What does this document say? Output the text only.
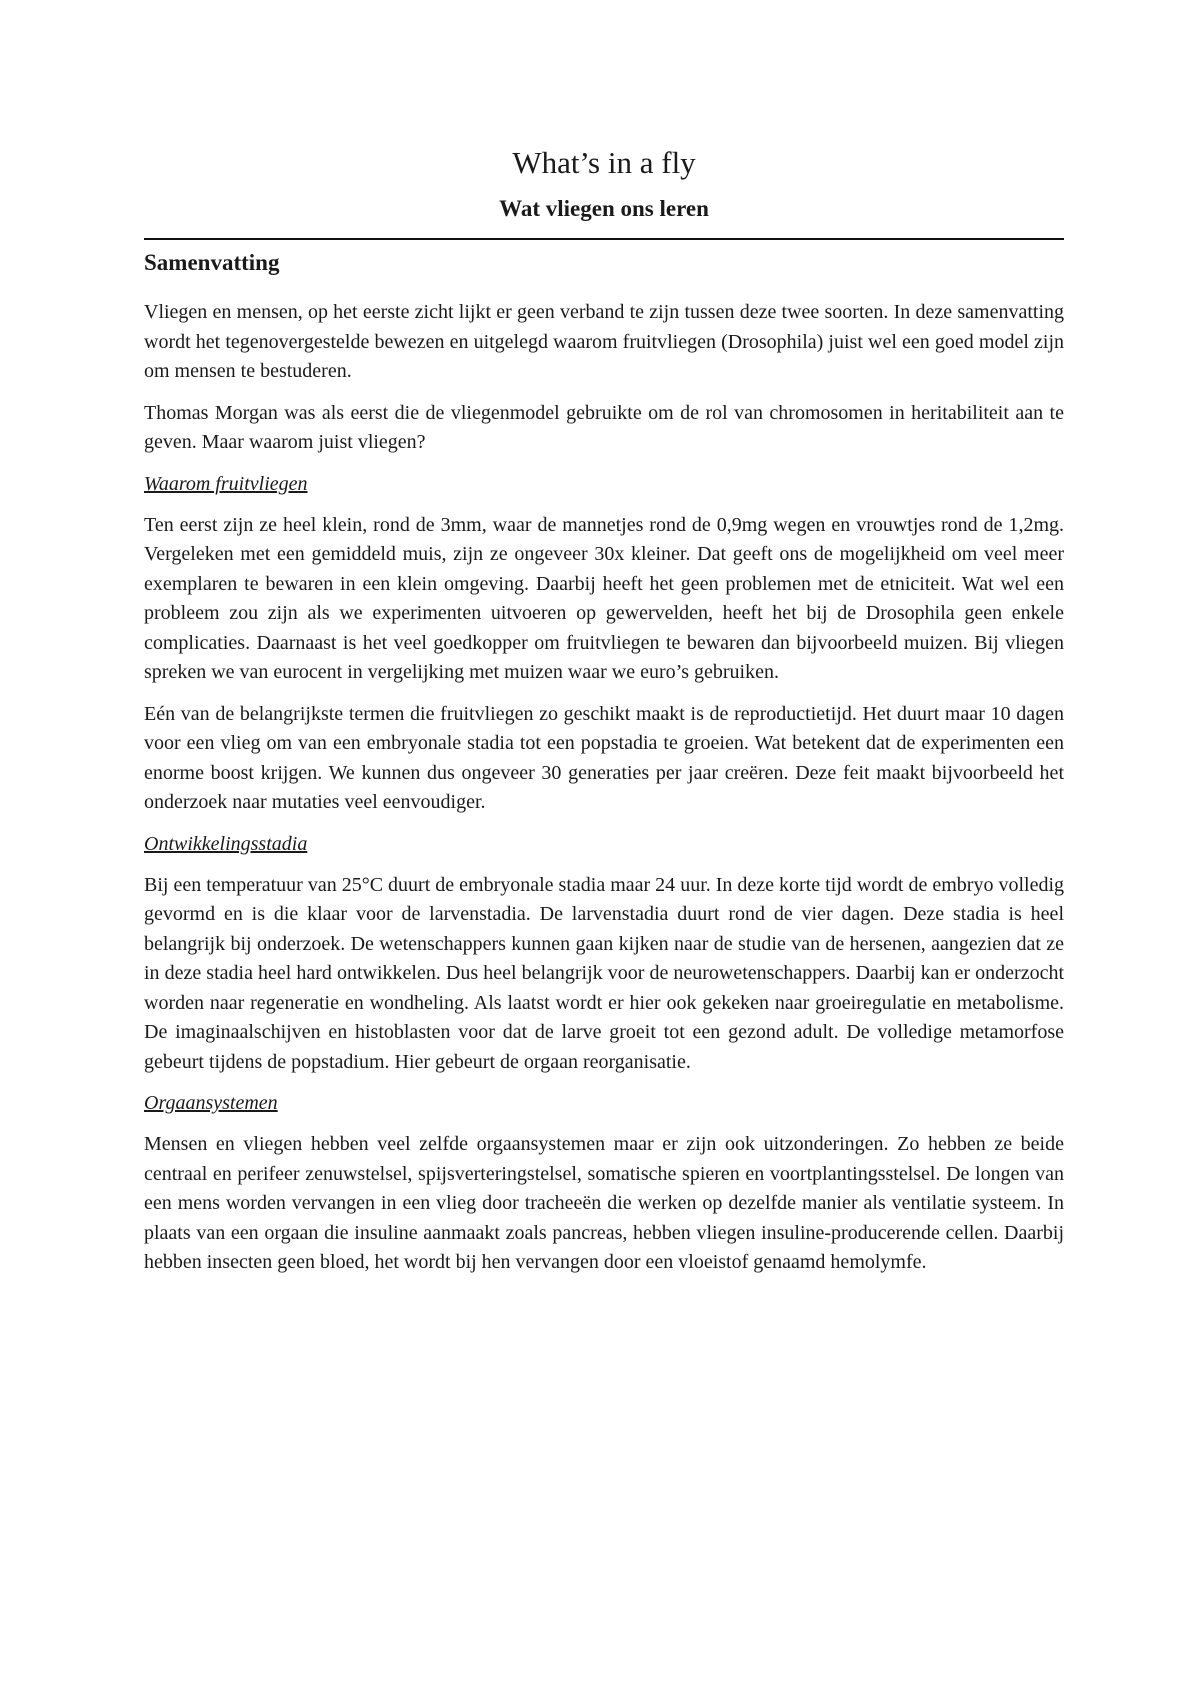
What’s in a fly
Wat vliegen ons leren
Samenvatting

Vliegen en mensen, op het eerste zicht lijkt er geen verband te zijn tussen deze twee soorten. In deze samenvatting wordt het tegenovergestelde bewezen en uitgelegd waarom fruitvliegen (Drosophila) juist wel een goed model zijn om mensen te bestuderen.

Thomas Morgan was als eerst die de vliegenmodel gebruikte om de rol van chromosomen in heritabiliteit aan te geven. Maar waarom juist vliegen?

Waarom fruitvliegen

Ten eerst zijn ze heel klein, rond de 3mm, waar de mannetjes rond de 0,9mg wegen en vrouwtjes rond de 1,2mg. Vergeleken met een gemiddeld muis, zijn ze ongeveer 30x kleiner. Dat geeft ons de mogelijkheid om veel meer exemplaren te bewaren in een klein omgeving. Daarbij heeft het geen problemen met de etniciteit. Wat wel een probleem zou zijn als we experimenten uitvoeren op gewervelden, heeft het bij de Drosophila geen enkele complicaties. Daarnaast is het veel goedkopper om fruitvliegen te bewaren dan bijvoorbeeld muizen. Bij vliegen spreken we van eurocent in vergelijking met muizen waar we euro’s gebruiken.

Eén van de belangrijkste termen die fruitvliegen zo geschikt maakt is de reproductietijd. Het duurt maar 10 dagen voor een vlieg om van een embryonale stadia tot een popstadia te groeien. Wat betekent dat de experimenten een enorme boost krijgen. We kunnen dus ongeveer 30 generaties per jaar creëren. Deze feit maakt bijvoorbeeld het onderzoek naar mutaties veel eenvoudiger.

Ontwikkelingsstadia

Bij een temperatuur van 25°C duurt de embryonale stadia maar 24 uur. In deze korte tijd wordt de embryo volledig gevormd en is die klaar voor de larvenstadia. De larvenstadia duurt rond de vier dagen. Deze stadia is heel belangrijk bij onderzoek. De wetenschappers kunnen gaan kijken naar de studie van de hersenen, aangezien dat ze in deze stadia heel hard ontwikkelen. Dus heel belangrijk voor de neurowetenschappers. Daarbij kan er onderzocht worden naar regeneratie en wondheling. Als laatst wordt er hier ook gekeken naar groeiregulatie en metabolisme. De imaginaalschijven en histoblasten voor dat de larve groeit tot een gezond adult. De volledige metamorfose gebeurt tijdens de popstadium. Hier gebeurt de orgaan reorganisatie.

Orgaansystemen

Mensen en vliegen hebben veel zelfde orgaansystemen maar er zijn ook uitzonderingen. Zo hebben ze beide centraal en perifeer zenuwstelsel, spijsverteringstelsel, somatische spieren en voortplantingsstelsel. De longen van een mens worden vervangen in een vlieg door tracheeën die werken op dezelfde manier als ventilatie systeem. In plaats van een orgaan die insuline aanmaakt zoals pancreas, hebben vliegen insuline-producerende cellen. Daarbij hebben insecten geen bloed, het wordt bij hen vervangen door een vloeistof genaamd hemolymfe.
